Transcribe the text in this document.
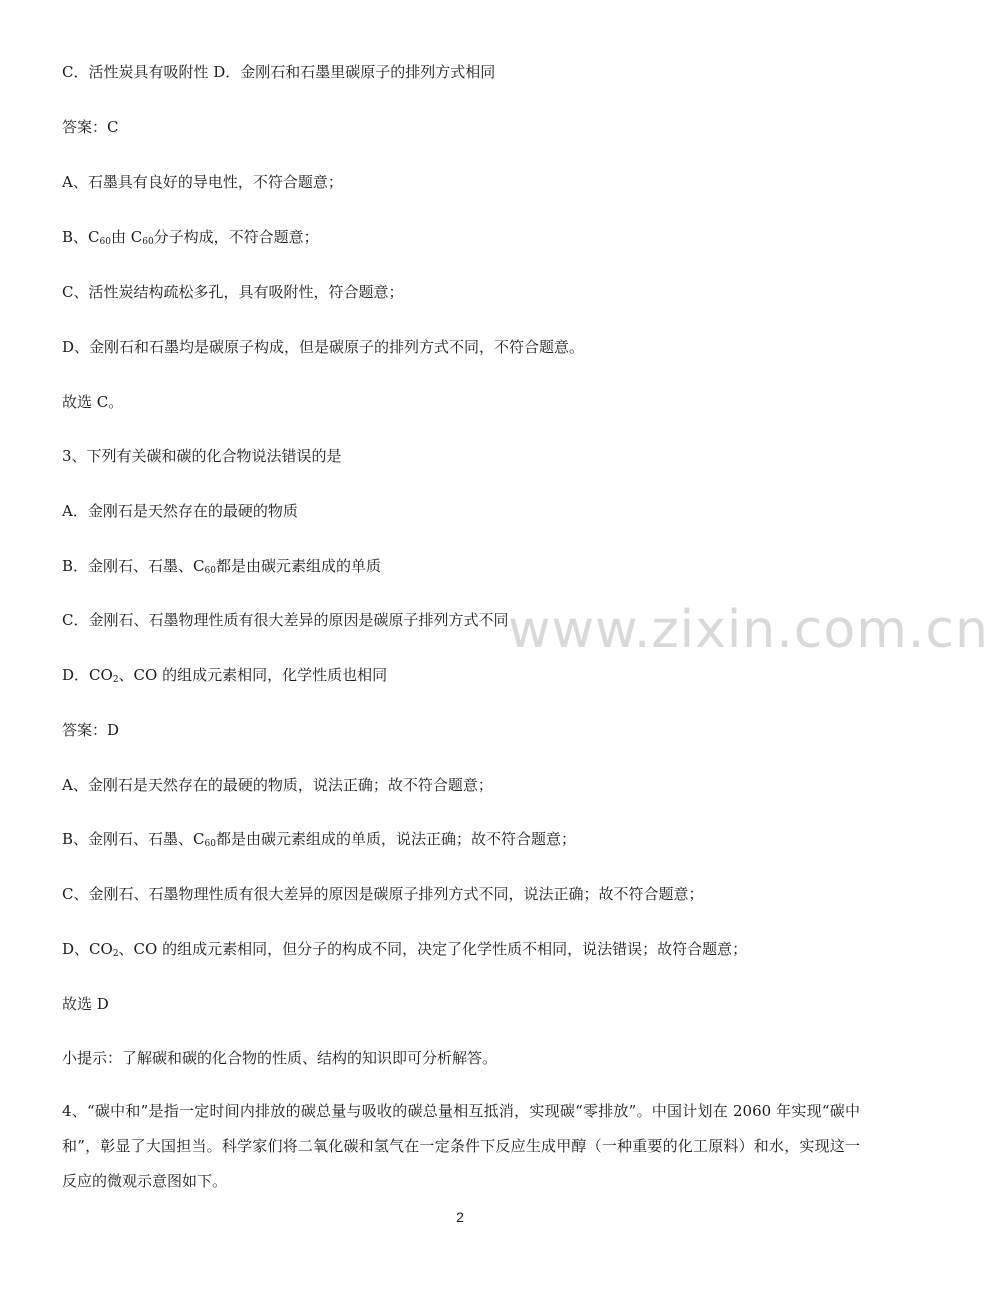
C．活性炭具有吸附性 D．金刚石和石墨里碳原子的排列方式相同
答案：C
A、石墨具有良好的导电性，不符合题意；
B、$C_{60}$由 $C_{60}$分子构成，不符合题意；
C、活性炭结构疏松多孔，具有吸附性，符合题意；
D、金刚石和石墨均是碳原子构成，但是碳原子的排列方式不同，不符合题意。
故选 C。
3、下列有关碳和碳的化合物说法错误的是
A．金刚石是天然存在的最硬的物质
B．金刚石、石墨、$C_{60}$都是由碳元素组成的单质
C．金刚石、石墨物理性质有很大差异的原因是碳原子排列方式不同
D．$CO_2$、CO 的组成元素相同，化学性质也相同
答案：D
A、金刚石是天然存在的最硬的物质，说法正确；故不符合题意；
B、金刚石、石墨、$C_{60}$都是由碳元素组成的单质，说法正确；故不符合题意；
C、金刚石、石墨物理性质有很大差异的原因是碳原子排列方式不同，说法正确；故不符合题意；
D、$CO_2$、CO 的组成元素相同，但分子的构成不同，决定了化学性质不相同，说法错误；故符合题意；
故选 D
小提示：了解碳和碳的化合物的性质、结构的知识即可分析解答。
4、“碳中和”是指一定时间内排放的碳总量与吸收的碳总量相互抵消，实现碳“零排放”。中国计划在 2060 年实现“碳中和”，彰显了大国担当。科学家们将二氧化碳和氢气在一定条件下反应生成甲醇（一种重要的化工原料）和水，实现这一反应的微观示意图如下。
www.zixin.com.cn
2
